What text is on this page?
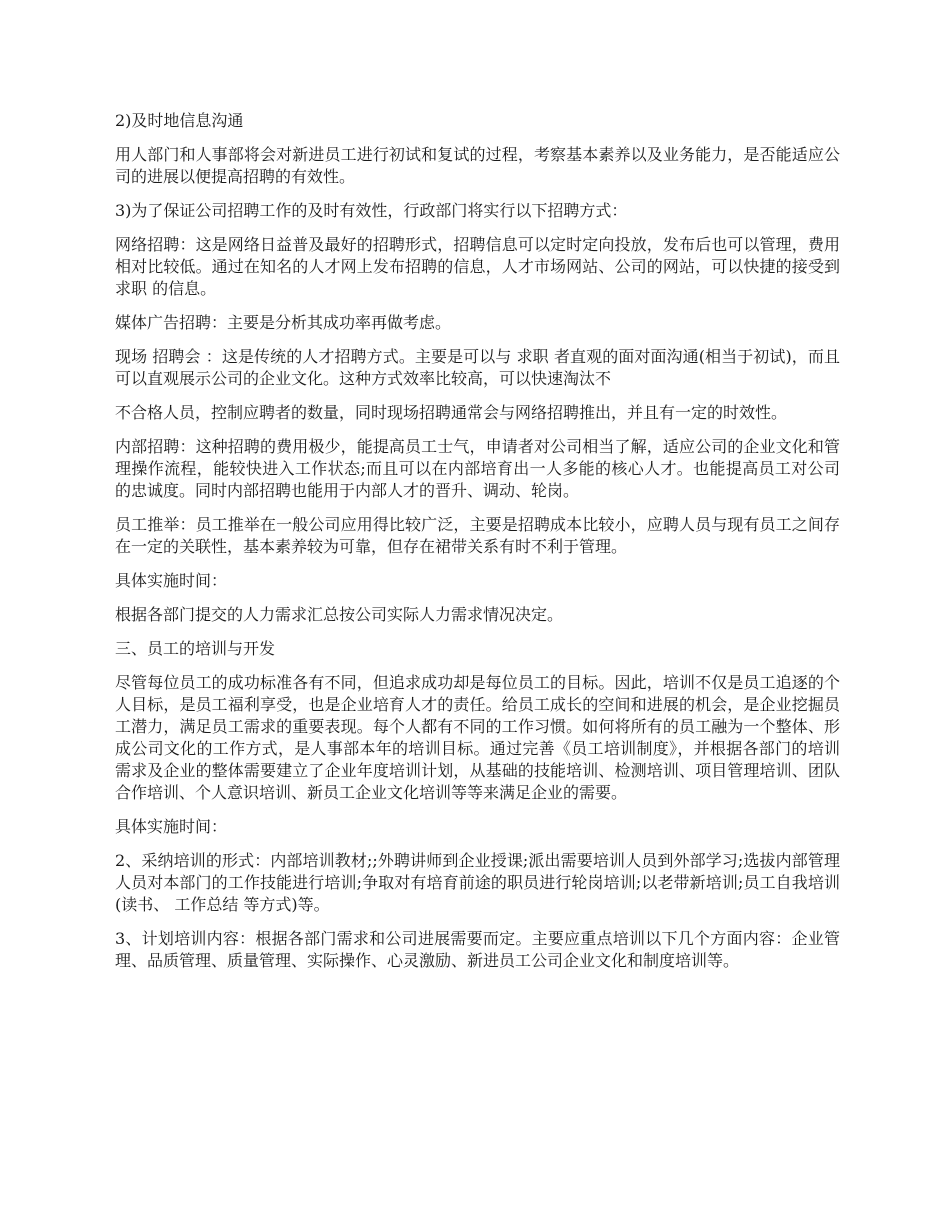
2)及时地信息沟通

用人部门和人事部将会对新进员工进行初试和复试的过程，考察基本素养以及业务能力，是否能适应公司的进展以便提高招聘的有效性。

3)为了保证公司招聘工作的及时有效性，行政部门将实行以下招聘方式：

网络招聘：这是网络日益普及最好的招聘形式，招聘信息可以定时定向投放，发布后也可以管理，费用相对比较低。通过在知名的人才网上发布招聘的信息，人才市场网站、公司的网站，可以快捷的接受到 求职 的信息。

媒体广告招聘：主要是分析其成功率再做考虑。

现场 招聘会 ：这是传统的人才招聘方式。主要是可以与 求职 者直观的面对面沟通(相当于初试)，而且可以直观展示公司的企业文化。这种方式效率比较高，可以快速淘汰不

不合格人员，控制应聘者的数量，同时现场招聘通常会与网络招聘推出，并且有一定的时效性。

内部招聘：这种招聘的费用极少，能提高员工士气，申请者对公司相当了解，适应公司的企业文化和管理操作流程，能较快进入工作状态;而且可以在内部培育出一人多能的核心人才。也能提高员工对公司的忠诚度。同时内部招聘也能用于内部人才的晋升、调动、轮岗。

员工推举：员工推举在一般公司应用得比较广泛，主要是招聘成本比较小，应聘人员与现有员工之间存在一定的关联性，基本素养较为可靠，但存在裙带关系有时不利于管理。

具体实施时间：

根据各部门提交的人力需求汇总按公司实际人力需求情况决定。

三、员工的培训与开发

尽管每位员工的成功标准各有不同，但追求成功却是每位员工的目标。因此，培训不仅是员工追逐的个人目标，是员工福利享受，也是企业培育人才的责任。给员工成长的空间和进展的机会，是企业挖掘员工潜力，满足员工需求的重要表现。每个人都有不同的工作习惯。如何将所有的员工融为一个整体、形成公司文化的工作方式，是人事部本年的培训目标。通过完善《员工培训制度》，并根据各部门的培训需求及企业的整体需要建立了企业年度培训计划，从基础的技能培训、检测培训、项目管理培训、团队合作培训、个人意识培训、新员工企业文化培训等等来满足企业的需要。

具体实施时间：

2、采纳培训的形式：内部培训教材;;外聘讲师到企业授课;派出需要培训人员到外部学习;选拔内部管理人员对本部门的工作技能进行培训;争取对有培育前途的职员进行轮岗培训;以老带新培训;员工自我培训(读书、 工作总结 等方式)等。

3、计划培训内容：根据各部门需求和公司进展需要而定。主要应重点培训以下几个方面内容：企业管理、品质管理、质量管理、实际操作、心灵激励、新进员工公司企业文化和制度培训等。
